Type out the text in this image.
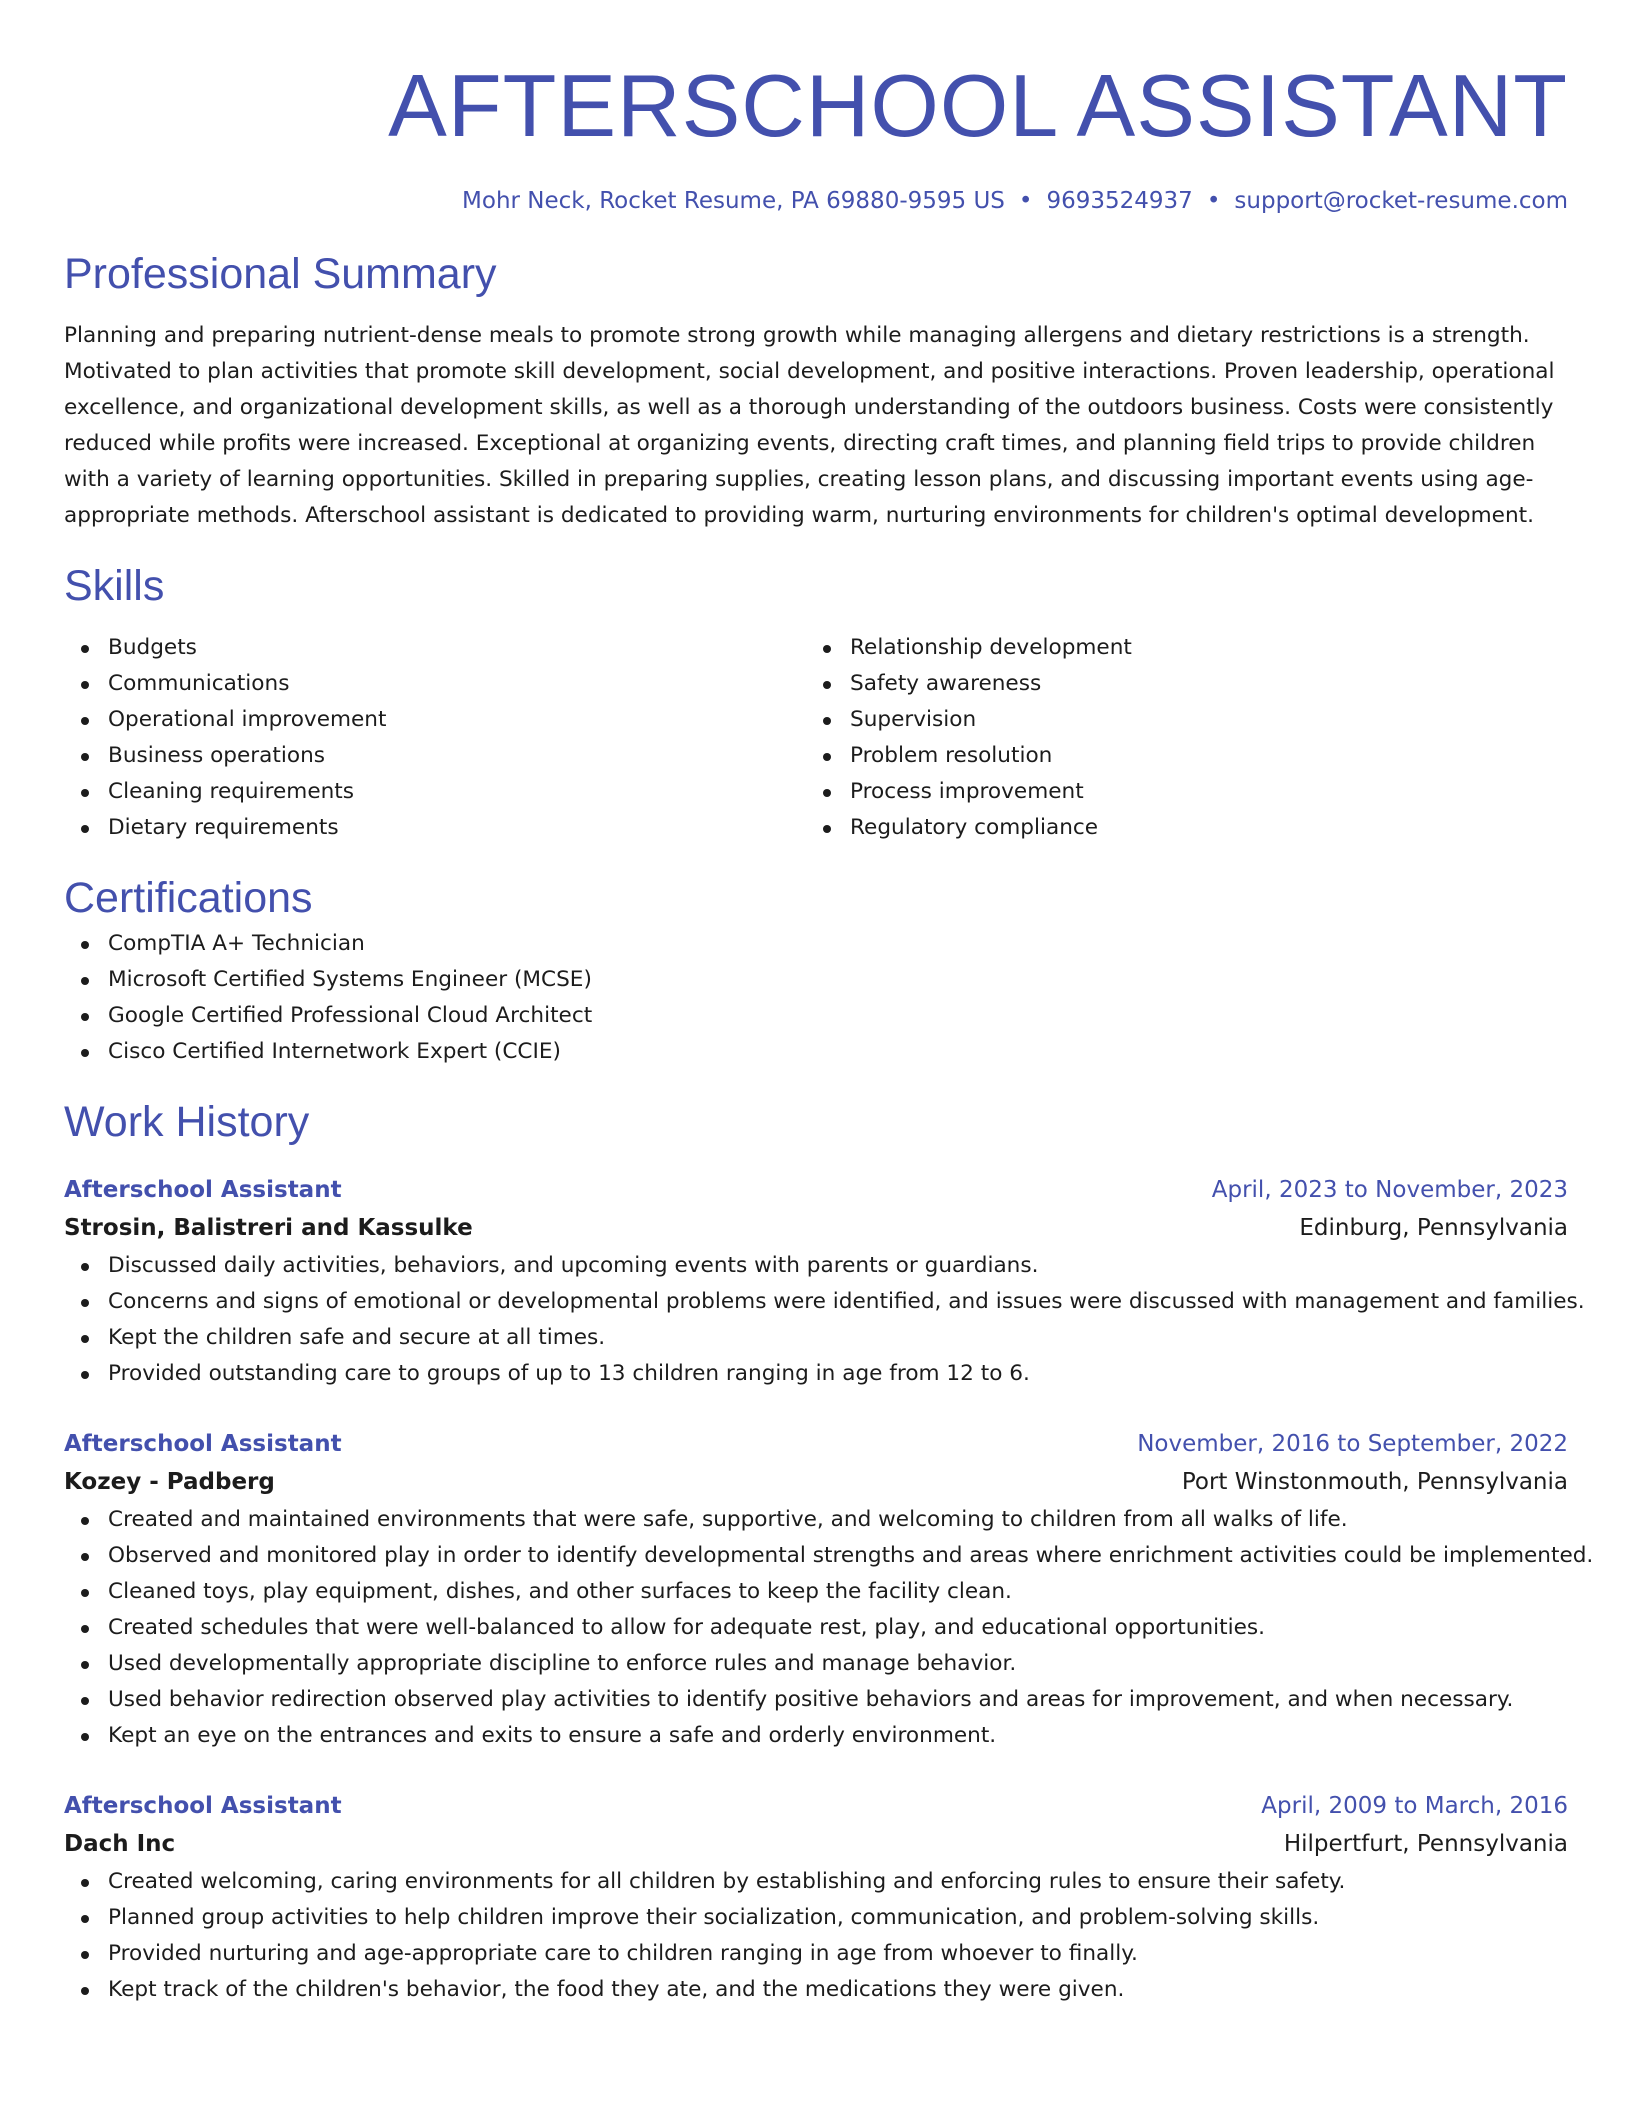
AFTERSCHOOL ASSISTANT
Mohr Neck, Rocket Resume, PA 69880-9595 US • 9693524937 • support@rocket-resume.com
Professional Summary

Planning and preparing nutrient-dense meals to promote strong growth while managing allergens and dietary restrictions is a strength. Motivated to plan activities that promote skill development, social development, and positive interactions. Proven leadership, operational excellence, and organizational development skills, as well as a thorough understanding of the outdoors business. Costs were consistently reduced while profits were increased. Exceptional at organizing events, directing craft times, and planning field trips to provide children with a variety of learning opportunities. Skilled in preparing supplies, creating lesson plans, and discussing important events using age-appropriate methods. Afterschool assistant is dedicated to providing warm, nurturing environments for children's optimal development.

Skills
Budgets
Communications
Operational improvement
Business operations
Cleaning requirements
Dietary requirements
Relationship development
Safety awareness
Supervision
Problem resolution
Process improvement
Regulatory compliance
Certifications
CompTIA A+ Technician
Microsoft Certified Systems Engineer (MCSE)
Google Certified Professional Cloud Architect
Cisco Certified Internetwork Expert (CCIE)
Work History
Afterschool Assistant	April, 2023 to November, 2023
Strosin, Balistreri and Kassulke	Edinburg, Pennsylvania
Discussed daily activities, behaviors, and upcoming events with parents or guardians.
Concerns and signs of emotional or developmental problems were identified, and issues were discussed with management and families.
Kept the children safe and secure at all times.
Provided outstanding care to groups of up to 13 children ranging in age from 12 to 6.
Afterschool Assistant	November, 2016 to September, 2022
Kozey - Padberg	Port Winstonmouth, Pennsylvania
Created and maintained environments that were safe, supportive, and welcoming to children from all walks of life.
Observed and monitored play in order to identify developmental strengths and areas where enrichment activities could be implemented.
Cleaned toys, play equipment, dishes, and other surfaces to keep the facility clean.
Created schedules that were well-balanced to allow for adequate rest, play, and educational opportunities.
Used developmentally appropriate discipline to enforce rules and manage behavior.
Used behavior redirection observed play activities to identify positive behaviors and areas for improvement, and when necessary.
Kept an eye on the entrances and exits to ensure a safe and orderly environment.
Afterschool Assistant	April, 2009 to March, 2016
Dach Inc	Hilpertfurt, Pennsylvania
Created welcoming, caring environments for all children by establishing and enforcing rules to ensure their safety.
Planned group activities to help children improve their socialization, communication, and problem-solving skills.
Provided nurturing and age-appropriate care to children ranging in age from whoever to finally.
Kept track of the children's behavior, the food they ate, and the medications they were given.
